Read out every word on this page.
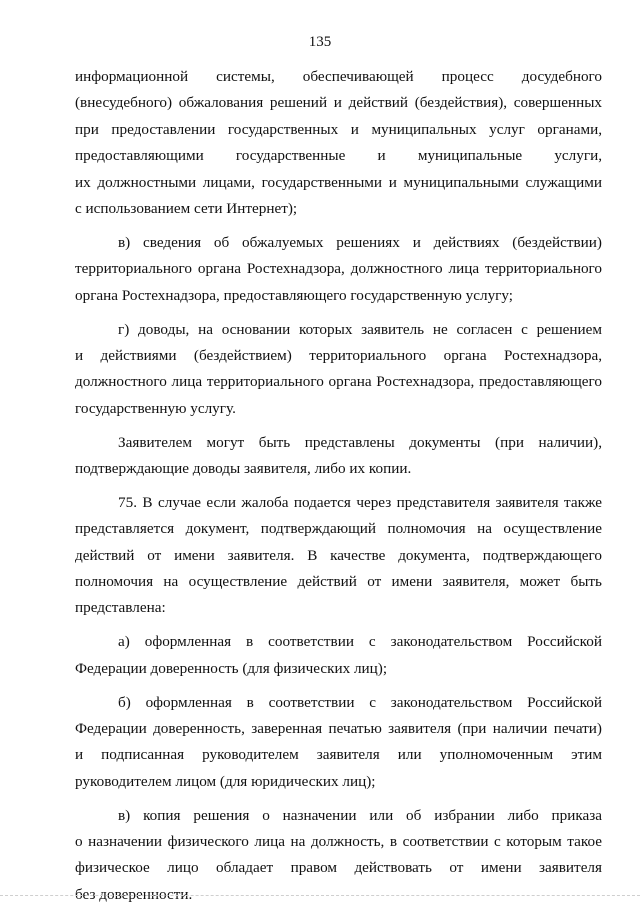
135
информационной системы, обеспечивающей процесс досудебного
(внесудебного) обжалования решений и действий (бездействия), совершенных
при предоставлении государственных и муниципальных услуг органами,
предоставляющими государственные и муниципальные услуги,
их должностными лицами, государственными и муниципальными служащими
с использованием сети Интернет);
в) сведения об обжалуемых решениях и действиях (бездействии)
территориального органа Ростехнадзора, должностного лица территориального
органа Ростехнадзора, предоставляющего государственную услугу;
г) доводы, на основании которых заявитель не согласен с решением
и действиями (бездействием) территориального органа Ростехнадзора,
должностного лица территориального органа Ростехнадзора, предоставляющего
государственную услугу.
Заявителем могут быть представлены документы (при наличии),
подтверждающие доводы заявителя, либо их копии.
75. В случае если жалоба подается через представителя заявителя также
представляется документ, подтверждающий полномочия на осуществление
действий от имени заявителя. В качестве документа, подтверждающего
полномочия на осуществление действий от имени заявителя, может быть
представлена:
а) оформленная в соответствии с законодательством Российской
Федерации доверенность (для физических лиц);
б) оформленная в соответствии с законодательством Российской
Федерации доверенность, заверенная печатью заявителя (при наличии печати)
и подписанная руководителем заявителя или уполномоченным этим
руководителем лицом (для юридических лиц);
в) копия решения о назначении или об избрании либо приказа
о назначении физического лица на должность, в соответствии с которым такое
физическое лицо обладает правом действовать от имени заявителя
без доверенности.
